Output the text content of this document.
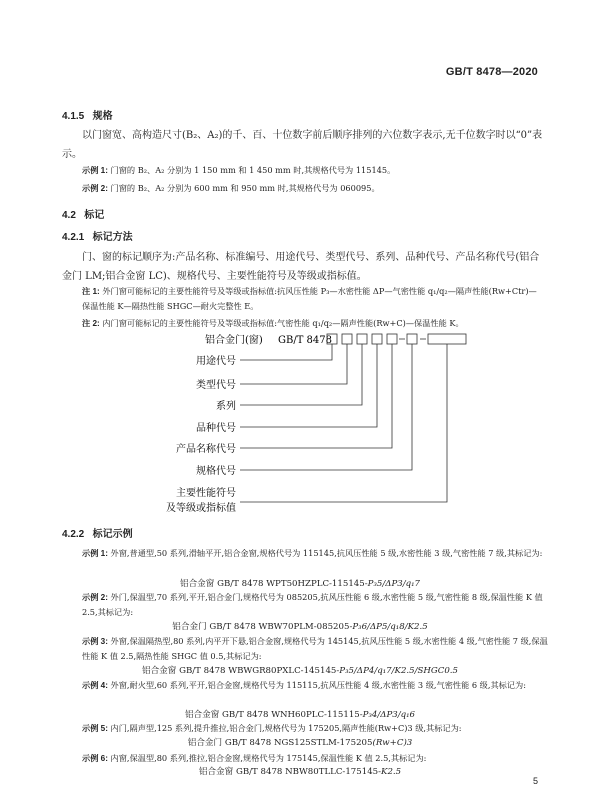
GB/T 8478—2020
4.1.5 规格
以门窗宽、高构造尺寸(B₂、A₂)的千、百、十位数字前后顺序排列的六位数字表示,无千位数字时以“0”表示。
示例 1: 门窗的 B₂、A₂ 分别为 1 150 mm 和 1 450 mm 时,其规格代号为 115145。
示例 2: 门窗的 B₂、A₂ 分别为 600 mm 和 950 mm 时,其规格代号为 060095。
4.2 标记
4.2.1 标记方法
门、窗的标记顺序为:产品名称、标准编号、用途代号、类型代号、系列、品种代号、产品名称代号(铝合金门 LM;铝合金窗 LC)、规格代号、主要性能符号及等级或指标值。
注 1: 外门窗可能标记的主要性能符号及等级或指标值:抗风压性能 P₃—水密性能 ΔP—气密性能 q₁/q₂—隔声性能(Rw+Ctr)—保温性能 K—隔热性能 SHGC—耐火完整性 E。
注 2: 内门窗可能标记的主要性能符号及等级或指标值:气密性能 q₁/q₂—隔声性能(Rw+C)—保温性能 K。
铝合金门(窗) GB/T 8478
用途代号
类型代号
系列
品种代号
产品名称代号
规格代号
主要性能符号
及等级或指标值
4.2.2 标记示例
示例 1: 外窗,普通型,50 系列,滑轴平开,铝合金窗,规格代号为 115145,抗风压性能 5 级,水密性能 3 级,气密性能 7 级,其标记为:
铝合金窗 GB/T 8478 WPT50HZPLC-115145-P₃5/ΔP3/q₁7
示例 2: 外门,保温型,70 系列,平开,铝合金门,规格代号为 085205,抗风压性能 6 级,水密性能 5 级,气密性能 8 级,保温性能 K 值 2.5,其标记为:
铝合金门 GB/T 8478 WBW70PLM-085205-P₃6/ΔP5/q₁8/K2.5
示例 3: 外窗,保温隔热型,80 系列,内平开下悬,铝合金窗,规格代号为 145145,抗风压性能 5 级,水密性能 4 级,气密性能 7 级,保温性能 K 值 2.5,隔热性能 SHGC 值 0.5,其标记为:
铝合金窗 GB/T 8478 WBWGR80PXLC-145145-P₃5/ΔP4/q₁7/K2.5/SHGC0.5
示例 4: 外窗,耐火型,60 系列,平开,铝合金窗,规格代号为 115115,抗风压性能 4 级,水密性能 3 级,气密性能 6 级,其标记为:
铝合金窗 GB/T 8478 WNH60PLC-115115-P₃4/ΔP3/q₁6
示例 5: 内门,隔声型,125 系列,提升推拉,铝合金门,规格代号为 175205,隔声性能(Rw+C)3 级,其标记为:
铝合金门 GB/T 8478 NGS125STLM-175205(Rw+C)3
示例 6: 内窗,保温型,80 系列,推拉,铝合金窗,规格代号为 175145,保温性能 K 值 2.5,其标记为:
铝合金窗 GB/T 8478 NBW80TLLC-175145-K2.5
5
